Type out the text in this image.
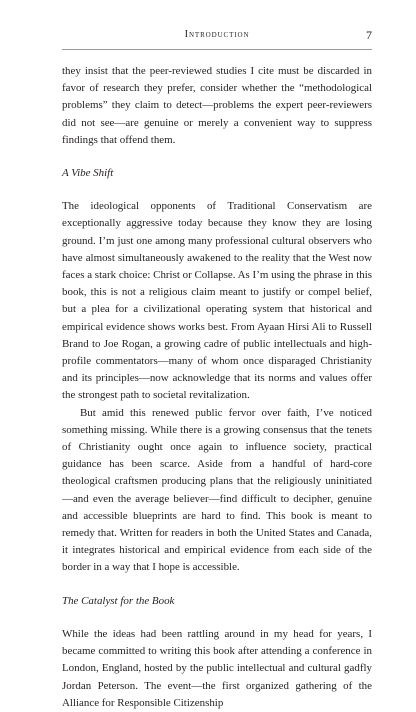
Introduction	7

they insist that the peer-reviewed studies I cite must be discarded in favor of research they prefer, consider whether the “methodological problems” they claim to detect—problems the expert peer-reviewers did not see—are genuine or merely a convenient way to suppress findings that offend them.

A Vibe Shift

The ideological opponents of Traditional Conservatism are exceptionally aggressive today because they know they are losing ground. I’m just one among many professional cultural observers who have almost simultaneously awakened to the reality that the West now faces a stark choice: Christ or Collapse. As I’m using the phrase in this book, this is not a religious claim meant to justify or compel belief, but a plea for a civilizational operating system that historical and empirical evidence shows works best. From Ayaan Hirsi Ali to Russell Brand to Joe Rogan, a growing cadre of public intellectuals and high-profile commentators—many of whom once disparaged Christianity and its principles—now acknowledge that its norms and values offer the strongest path to societal revitalization.

But amid this renewed public fervor over faith, I’ve noticed something missing. While there is a growing consensus that the tenets of Christianity ought once again to influence society, practical guidance has been scarce. Aside from a handful of hard-core theological craftsmen producing plans that the religiously uninitiated—and even the average believer—find difficult to decipher, genuine and accessible blueprints are hard to find. This book is meant to remedy that. Written for readers in both the United States and Canada, it integrates historical and empirical evidence from each side of the border in a way that I hope is accessible.

The Catalyst for the Book

While the ideas had been rattling around in my head for years, I became committed to writing this book after attending a conference in London, England, hosted by the public intellectual and cultural gadfly Jordan Peterson. The event—the first organized gathering of the Alliance for Responsible Citizenship
